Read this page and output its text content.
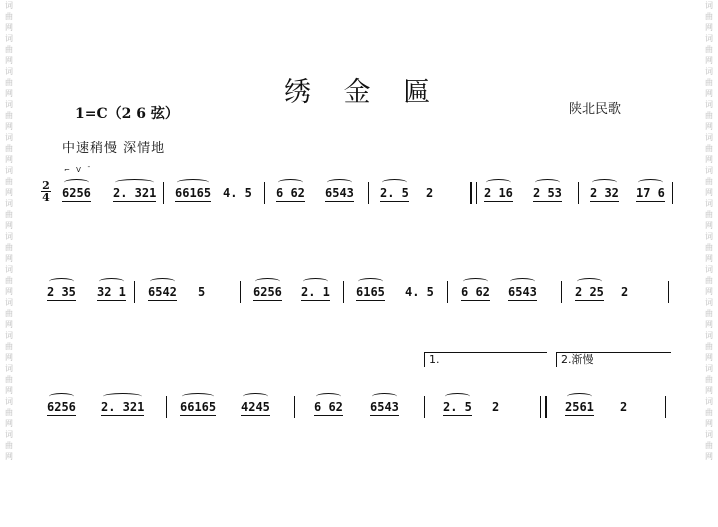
词曲网词曲网词曲网词曲网词曲网词曲网词曲网词曲网词曲网词曲网词曲网词曲网词曲网词曲网
词曲网词曲网词曲网词曲网词曲网词曲网词曲网词曲网词曲网词曲网词曲网词曲网词曲网词曲网
绣 金 匾
1=C（2 6 弦）	陕北民歌
中速稍慢 深情地
2
4
⌐ V ¯
6256 2. 321 66165 4. 5 6 62 6543 2. 5 2	2 16 2 53 2 32 17 6
2 35 32 1 6542 5	6256 2. 1 6165 4. 5 6 62 6543	2 25 2
1.	2.渐慢
6256 2. 321	66165 4245	6 62 6543	2. 5 2	2561 2
